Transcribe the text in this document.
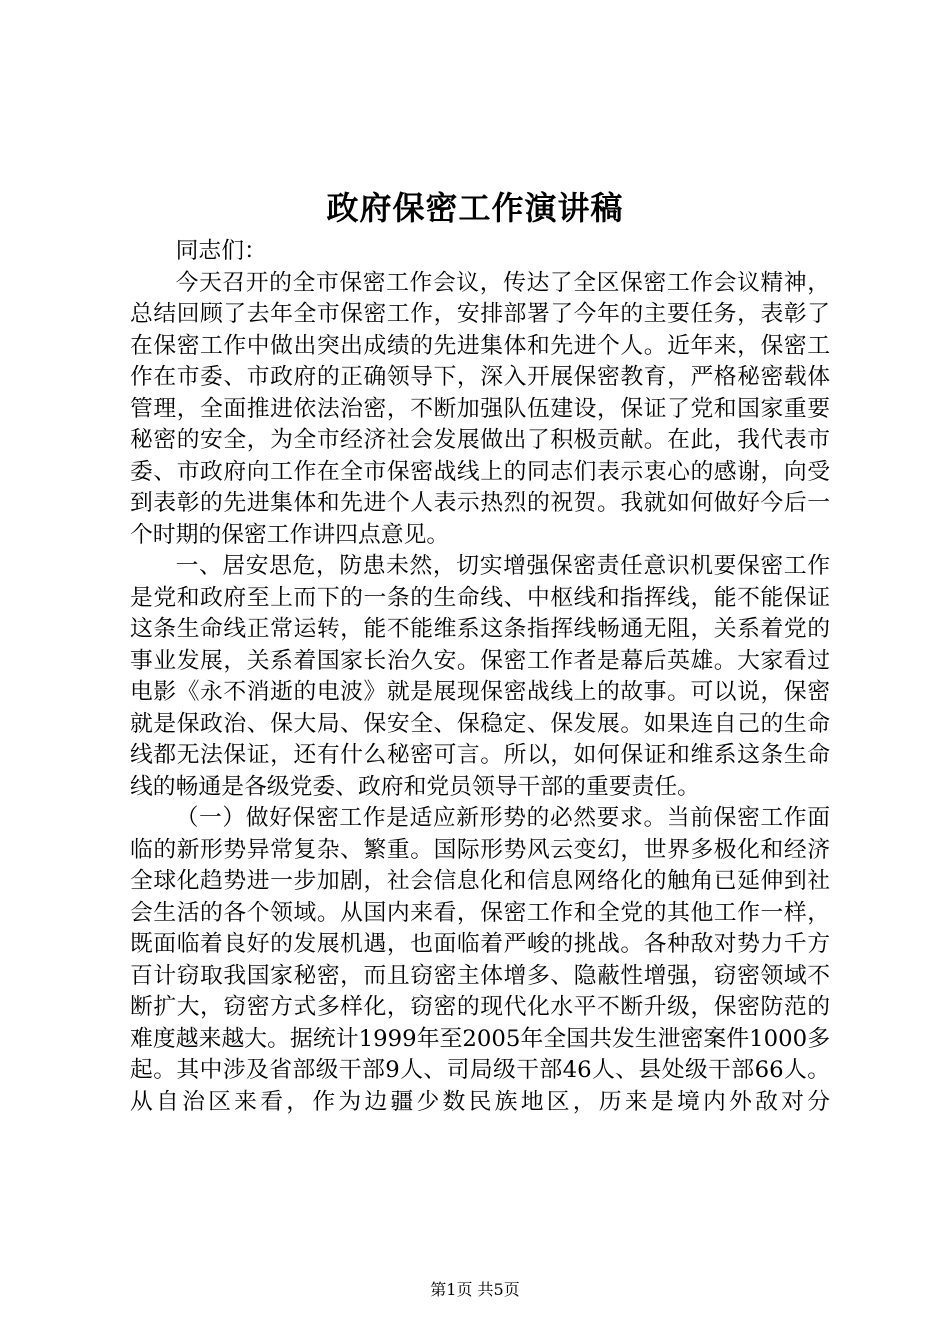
政府保密工作演讲稿

同志们：

今天召开的全市保密工作会议，传达了全区保密工作会议精神，总结回顾了去年全市保密工作，安排部署了今年的主要任务，表彰了在保密工作中做出突出成绩的先进集体和先进个人。近年来，保密工作在市委、市政府的正确领导下，深入开展保密教育，严格秘密载体管理，全面推进依法治密，不断加强队伍建设，保证了党和国家重要秘密的安全，为全市经济社会发展做出了积极贡献。在此，我代表市委、市政府向工作在全市保密战线上的同志们表示衷心的感谢，向受到表彰的先进集体和先进个人表示热烈的祝贺。我就如何做好今后一个时期的保密工作讲四点意见。

一、居安思危，防患未然，切实增强保密责任意识机要保密工作是党和政府至上而下的一条的生命线、中枢线和指挥线，能不能保证这条生命线正常运转，能不能维系这条指挥线畅通无阻，关系着党的事业发展，关系着国家长治久安。保密工作者是幕后英雄。大家看过电影《永不消逝的电波》就是展现保密战线上的故事。可以说，保密就是保政治、保大局、保安全、保稳定、保发展。如果连自己的生命线都无法保证，还有什么秘密可言。所以，如何保证和维系这条生命线的畅通是各级党委、政府和党员领导干部的重要责任。

（一）做好保密工作是适应新形势的必然要求。当前保密工作面临的新形势异常复杂、繁重。国际形势风云变幻，世界多极化和经济全球化趋势进一步加剧，社会信息化和信息网络化的触角已延伸到社会生活的各个领域。从国内来看，保密工作和全党的其他工作一样，既面临着良好的发展机遇，也面临着严峻的挑战。各种敌对势力千方百计窃取我国家秘密，而且窃密主体增多、隐蔽性增强，窃密领域不断扩大，窃密方式多样化，窃密的现代化水平不断升级，保密防范的难度越来越大。据统计1999年至2005年全国共发生泄密案件1000多起。其中涉及省部级干部9人、司局级干部46人、县处级干部66人。从自治区来看，作为边疆少数民族地区，历来是境内外敌对分

第1页 共5页
